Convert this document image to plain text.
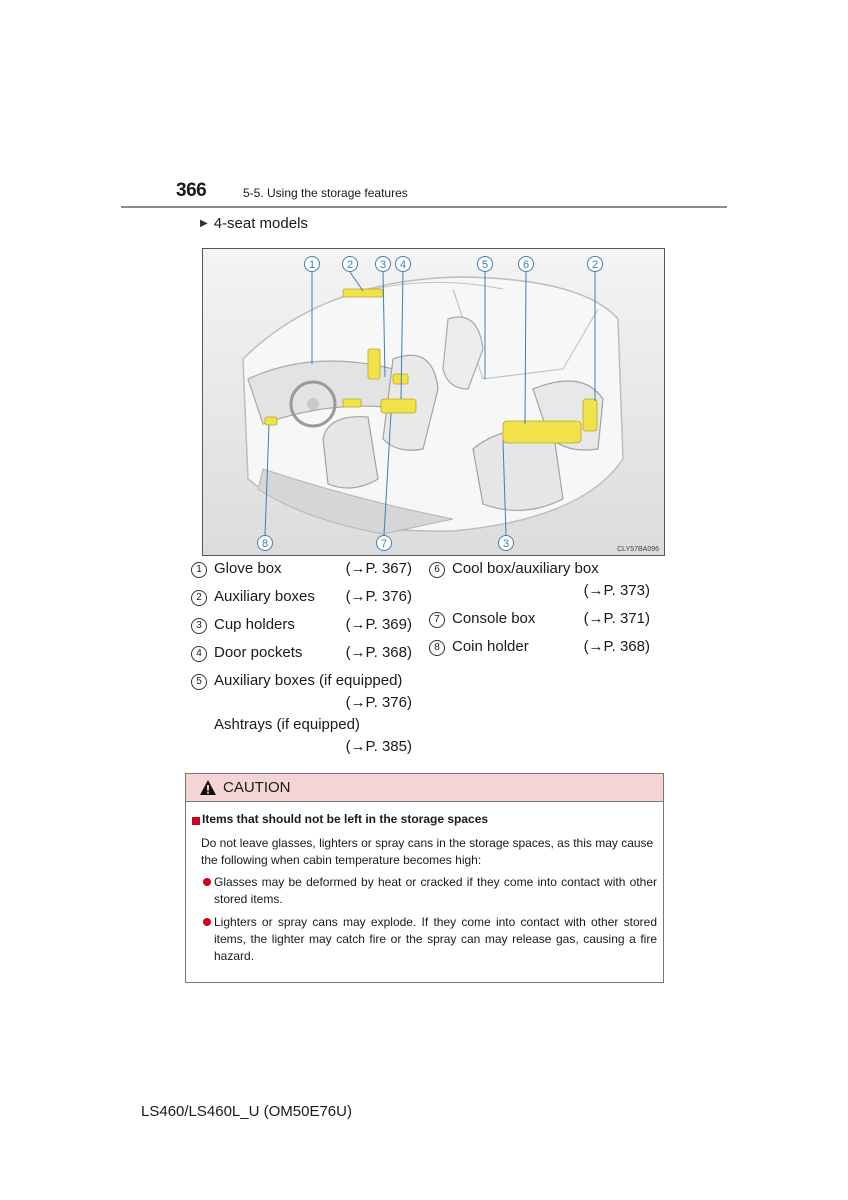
366	5-5. Using the storage features
▶ 4-seat models
1	2 3 4	5	6	2
8	7	3	CLY57BA096
1 Glove box	(→P. 367)
2 Auxiliary boxes	(→P. 376)
3 Cup holders	(→P. 369)
4 Door pockets	(→P. 368)
5 Auxiliary boxes (if equipped)
(→P. 376)
Ashtrays (if equipped)
(→P. 385)
6 Cool box/auxiliary box
(→P. 373)
7 Console box	(→P. 371)
8 Coin holder	(→P. 368)
CAUTION
Items that should not be left in the storage spaces
Do not leave glasses, lighters or spray cans in the storage spaces, as this may cause the following when cabin temperature becomes high:
Glasses may be deformed by heat or cracked if they come into contact with other stored items.
Lighters or spray cans may explode. If they come into contact with other stored items, the lighter may catch fire or the spray can may release gas, causing a fire hazard.
LS460/LS460L_U (OM50E76U)
